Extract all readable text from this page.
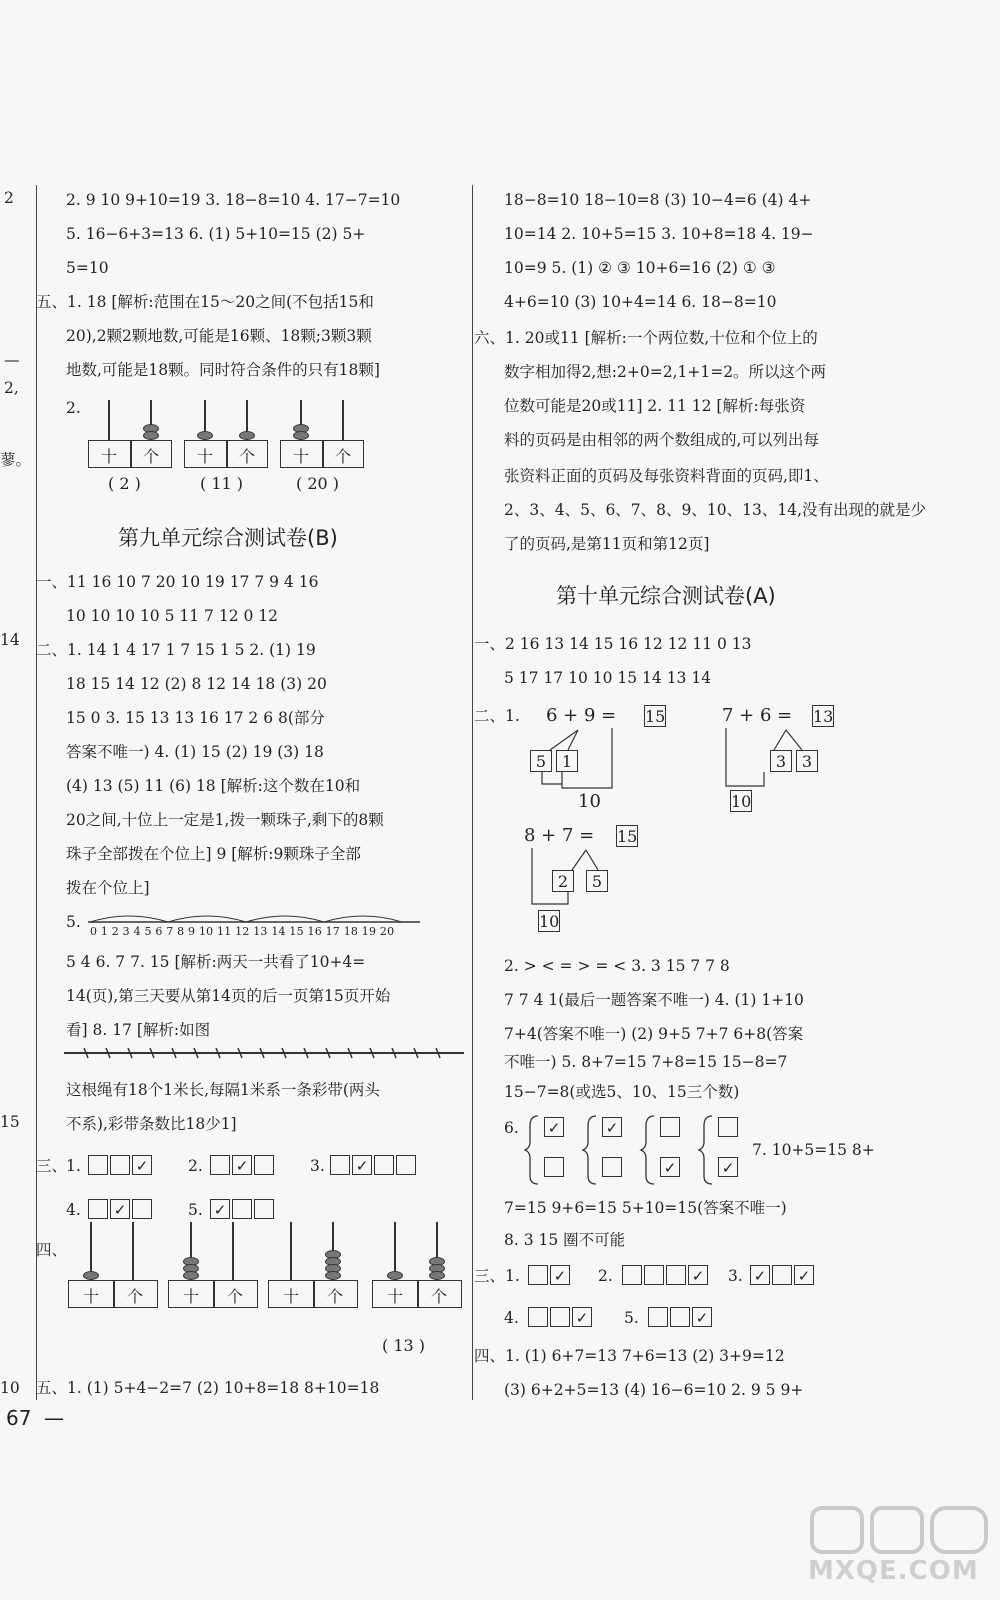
2
—
2,
蓼。
14
15
10
2. 9 10 9+10=19 3. 18−8=10 4. 17−7=10
5. 16−6+3=13 6. (1) 5+10=15 (2) 5+
5=10
五、1. 18 [解析:范围在15～20之间(不包括15和
20),2颗2颗地数,可能是16颗、18颗;3颗3颗
地数,可能是18颗。同时符合条件的只有18颗]
2.
十 个
( 2 )
十 个
( 11 )
十 个
( 20 )
第九单元综合测试卷(B)
一、11 16 10 7 20 10 19 17 7 9 4 16
10 10 10 10 5 11 7 12 0 12
二、1. 14 1 4 17 1 7 15 1 5 2. (1) 19
18 15 14 12 (2) 8 12 14 18 (3) 20
15 0 3. 15 13 13 16 17 2 6 8(部分
答案不唯一) 4. (1) 15 (2) 19 (3) 18
(4) 13 (5) 11 (6) 18 [解析:这个数在10和
20之间,十位上一定是1,拨一颗珠子,剩下的8颗
珠子全部拨在个位上] 9 [解析:9颗珠子全部
拨在个位上]
5.
0 1 2 3 4 5 6 7 8 9 10 11 12 13 14 15 16 17 18 19 20
5 4 6. 7 7. 15 [解析:两天一共看了10+4=
14(页),第三天要从第14页的后一页第15页开始
看] 8. 17 [解析:如图
这根绳有18个1米长,每隔1米系一条彩带(两头
不系),彩带条数比18少1]
三、
1.	✓	2.	✓	3.	✓
4.	✓	5. ✓
四、
十 个 十 个 十 个	十 个
( 13 )
五、1. (1) 5+4−2=7 (2) 10+8=18 8+10=18
18−8=10 18−10=8 (3) 10−4=6 (4) 4+
10=14 2. 10+5=15 3. 10+8=18 4. 19−
10=9 5. (1) ② ③ 10+6=16 (2) ① ③
4+6=10 (3) 10+4=14 6. 18−8=10
六、1. 20或11 [解析:一个两位数,十位和个位上的
数字相加得2,想:2+0=2,1+1=2。所以这个两
位数可能是20或11] 2. 11 12 [解析:每张资
料的页码是由相邻的两个数组成的,可以列出每
张资料正面的页码及每张资料背面的页码,即1、
2、3、4、5、6、7、8、9、10、13、14,没有出现的就是少
了的页码,是第11页和第12页]
第十单元综合测试卷(A)
一、2 16 13 14 15 16 12 12 11 0 13
5 17 17 10 10 15 14 13 14
二、1. 6 + 9 = 15
5 1
10
7 + 6 = 13
3 3
10
8 + 7 = 15
2	5
10
2. > < = > = < 3. 3 15 7 7 8
7 7 4 1(最后一题答案不唯一) 4. (1) 1+10
7+4(答案不唯一) (2) 9+5 7+7 6+8(答案
不唯一) 5. 8+7=15 7+8=15 15−8=7
15−7=8(或选5、10、15三个数)
6. ✓	✓
✓	✓
7. 10+5=15 8+
7=15 9+6=15 5+10=15(答案不唯一)
8. 3 15 圈不可能
三、1.	✓	2.	✓	3. ✓ ✓
4.	✓	5.	✓
四、1. (1) 6+7=13 7+6=13 (2) 3+9=12
(3) 6+2+5=13 (4) 16−6=10 2. 9 5 9+
67 —
MXQE.COM
